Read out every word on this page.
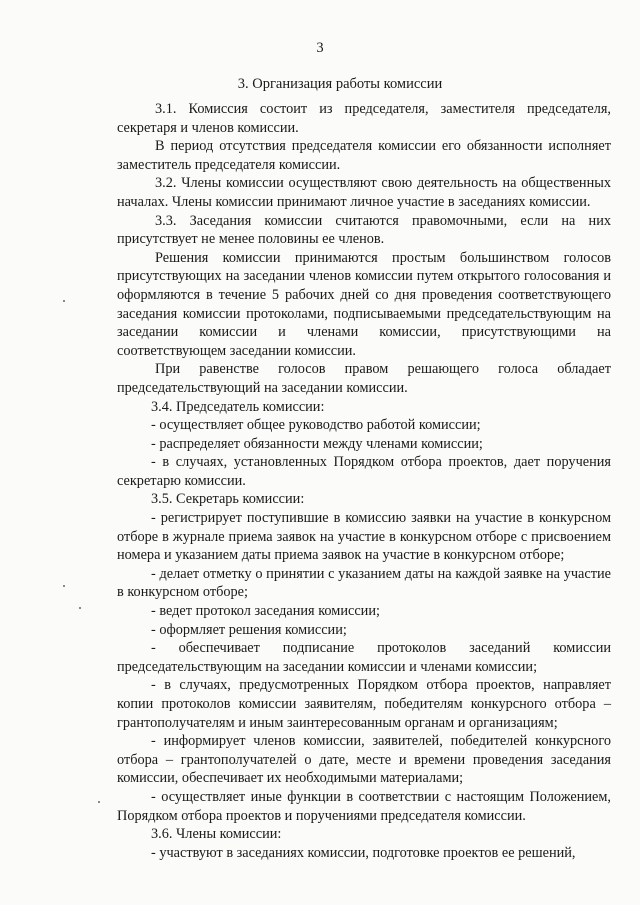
3
3. Организация работы комиссии

3.1. Комиссия состоит из председателя, заместителя председателя, секретаря и членов комиссии.

В период отсутствия председателя комиссии его обязанности исполняет заместитель председателя комиссии.

3.2. Члены комиссии осуществляют свою деятельность на общественных началах. Члены комиссии принимают личное участие в заседаниях комиссии.

3.3. Заседания комиссии считаются правомочными, если на них присутствует не менее половины ее членов.

Решения комиссии принимаются простым большинством голосов присутствующих на заседании членов комиссии путем открытого голосования и оформляются в течение 5 рабочих дней со дня проведения соответствующего заседания комиссии протоколами, подписываемыми председательствующим на заседании комиссии и членами комиссии, присутствующими на соответствующем заседании комиссии.

При равенстве голосов правом решающего голоса обладает председательствующий на заседании комиссии.

3.4. Председатель комиссии:

- осуществляет общее руководство работой комиссии;

- распределяет обязанности между членами комиссии;

- в случаях, установленных Порядком отбора проектов, дает поручения секретарю комиссии.

3.5. Секретарь комиссии:

- регистрирует поступившие в комиссию заявки на участие в конкурсном отборе в журнале приема заявок на участие в конкурсном отборе с присвоением номера и указанием даты приема заявок на участие в конкурсном отборе;

- делает отметку о принятии с указанием даты на каждой заявке на участие в конкурсном отборе;

- ведет протокол заседания комиссии;

- оформляет решения комиссии;

- обеспечивает подписание протоколов заседаний комиссии председательствующим на заседании комиссии и членами комиссии;

- в случаях, предусмотренных Порядком отбора проектов, направляет копии протоколов комиссии заявителям, победителям конкурсного отбора – грантополучателям и иным заинтересованным органам и организациям;

- информирует членов комиссии, заявителей, победителей конкурсного отбора – грантополучателей о дате, месте и времени проведения заседания комиссии, обеспечивает их необходимыми материалами;

- осуществляет иные функции в соответствии с настоящим Положением, Порядком отбора проектов и поручениями председателя комиссии.

3.6. Члены комиссии:

- участвуют в заседаниях комиссии, подготовке проектов ее решений,
